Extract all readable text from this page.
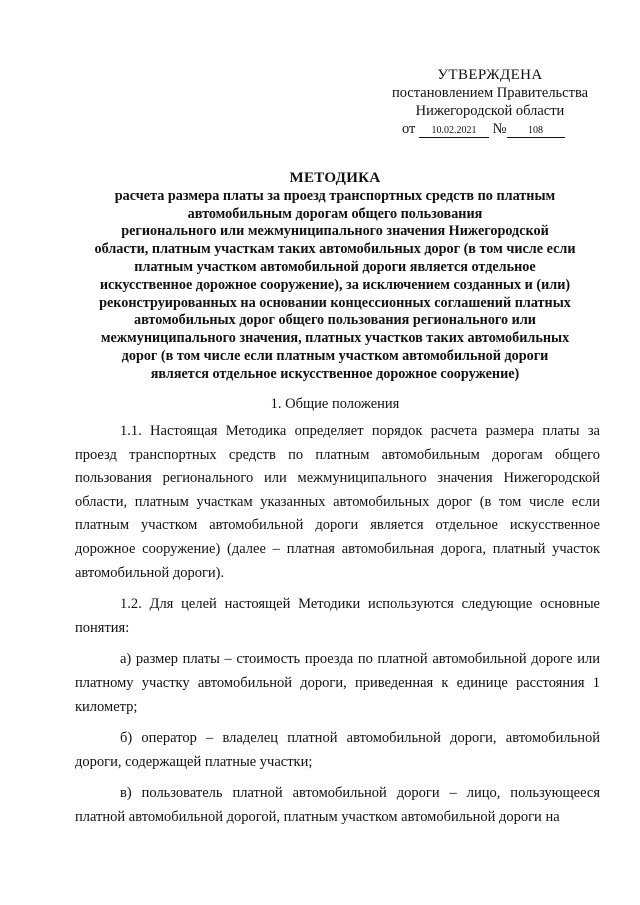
УТВЕРЖДЕНА
постановлением Правительства
Нижегородской области
от 10.02.2021 № 108
МЕТОДИКА
расчета размера платы за проезд транспортных средств по платным
автомобильным дорогам общего пользования
регионального или межмуниципального значения Нижегородской
области, платным участкам таких автомобильных дорог (в том числе если
платным участком автомобильной дороги является отдельное
искусственное дорожное сооружение), за исключением созданных и (или)
реконструированных на основании концессионных соглашений платных
автомобильных дорог общего пользования регионального или
межмуниципального значения, платных участков таких автомобильных
дорог (в том числе если платным участком автомобильной дороги
является отдельное искусственное дорожное сооружение)
1. Общие положения

1.1. Настоящая Методика определяет порядок расчета размера платы за проезд транспортных средств по платным автомобильным дорогам общего пользования регионального или межмуниципального значения Нижегородской области, платным участкам указанных автомобильных дорог (в том числе если платным участком автомобильной дороги является отдельное искусственное дорожное сооружение) (далее – платная автомобильная дорога, платный участок автомобильной дороги).

1.2. Для целей настоящей Методики используются следующие основные понятия:

а) размер платы – стоимость проезда по платной автомобильной дороге или платному участку автомобильной дороги, приведенная к единице расстояния 1 километр;

б) оператор – владелец платной автомобильной дороги, автомобильной дороги, содержащей платные участки;

в) пользователь платной автомобильной дороги – лицо, пользующееся платной автомобильной дорогой, платным участком автомобильной дороги на
